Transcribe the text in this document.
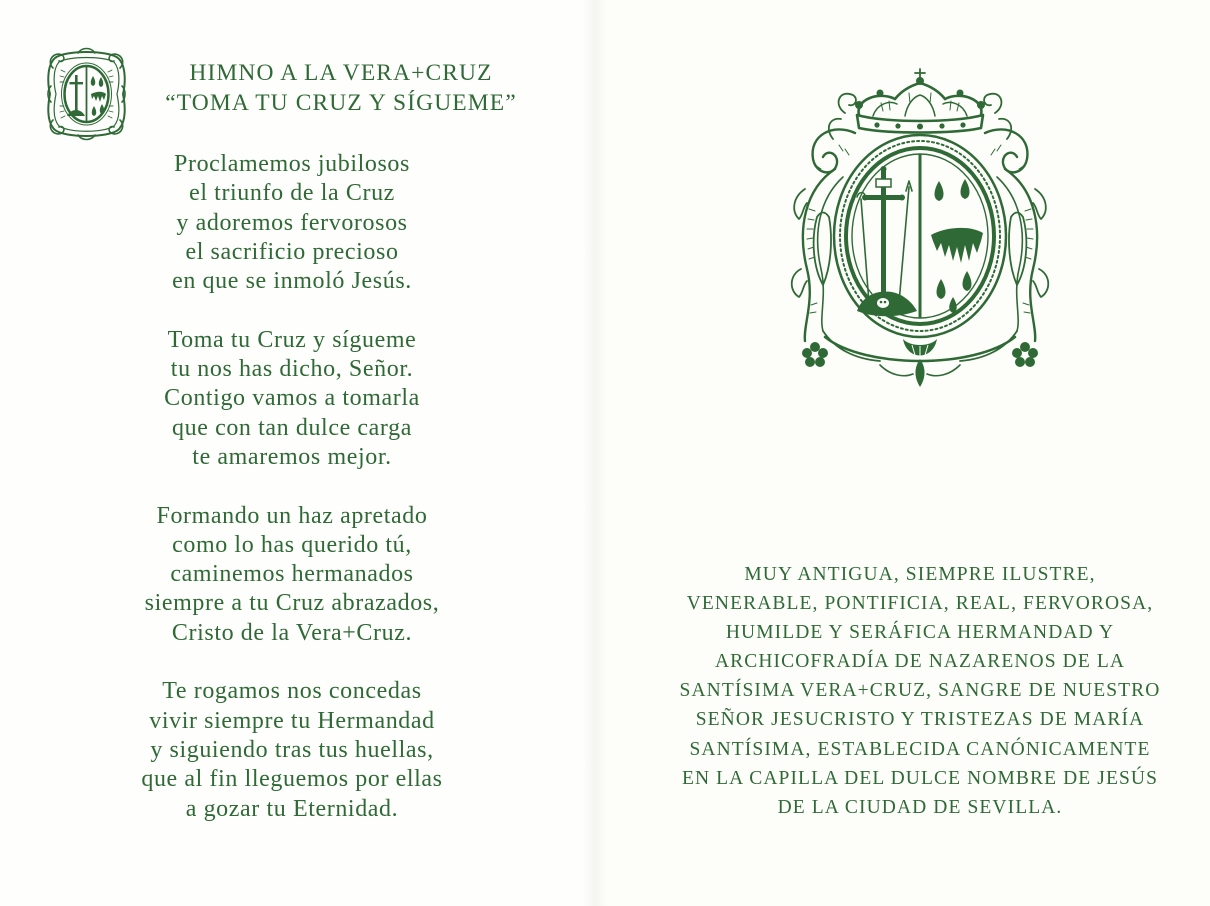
HIMNO A LA VERA+CRUZ
“TOMA TU CRUZ Y SÍGUEME”
Proclamemos jubilosos
el triunfo de la Cruz
y adoremos fervorosos
el sacrificio precioso
en que se inmoló Jesús.
Toma tu Cruz y sígueme
tu nos has dicho, Señor.
Contigo vamos a tomarla
que con tan dulce carga
te amaremos mejor.
Formando un haz apretado
como lo has querido tú,
caminemos hermanados
siempre a tu Cruz abrazados,
Cristo de la Vera+Cruz.
Te rogamos nos concedas
vivir siempre tu Hermandad
y siguiendo tras tus huellas,
que al fin lleguemos por ellas
a gozar tu Eternidad.
MUY ANTIGUA, SIEMPRE ILUSTRE,
VENERABLE, PONTIFICIA, REAL, FERVOROSA,
HUMILDE Y SERÁFICA HERMANDAD Y
ARCHICOFRADÍA DE NAZARENOS DE LA
SANTÍSIMA VERA+CRUZ, SANGRE DE NUESTRO
SEÑOR JESUCRISTO Y TRISTEZAS DE MARÍA
SANTÍSIMA, ESTABLECIDA CANÓNICAMENTE
EN LA CAPILLA DEL DULCE NOMBRE DE JESÚS
DE LA CIUDAD DE SEVILLA.
